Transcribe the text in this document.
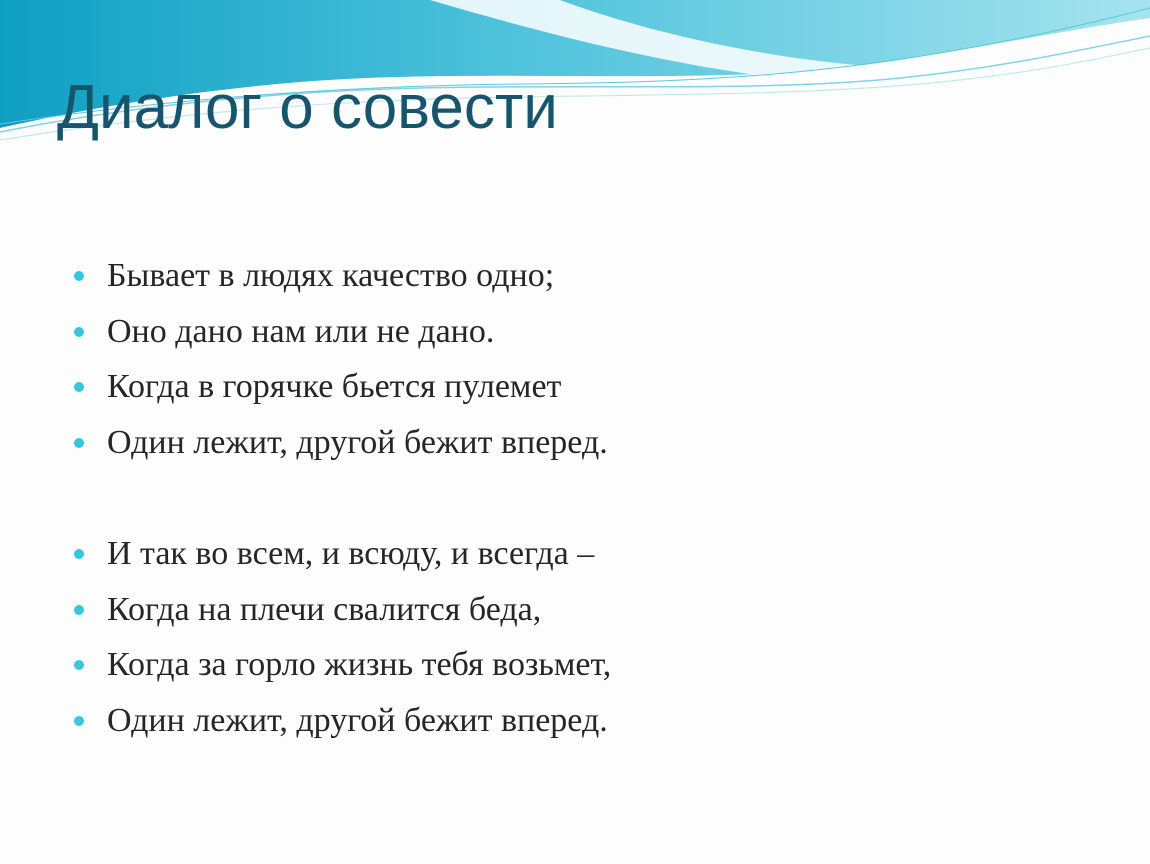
Диалог о совести
Бывает в людях качество одно;
Оно дано нам или не дано.
Когда в горячке бьется пулемет
Один лежит, другой бежит вперед.
И так во всем, и всюду, и всегда –
Когда на плечи свалится беда,
Когда за горло жизнь тебя возьмет,
Один лежит, другой бежит вперед.
